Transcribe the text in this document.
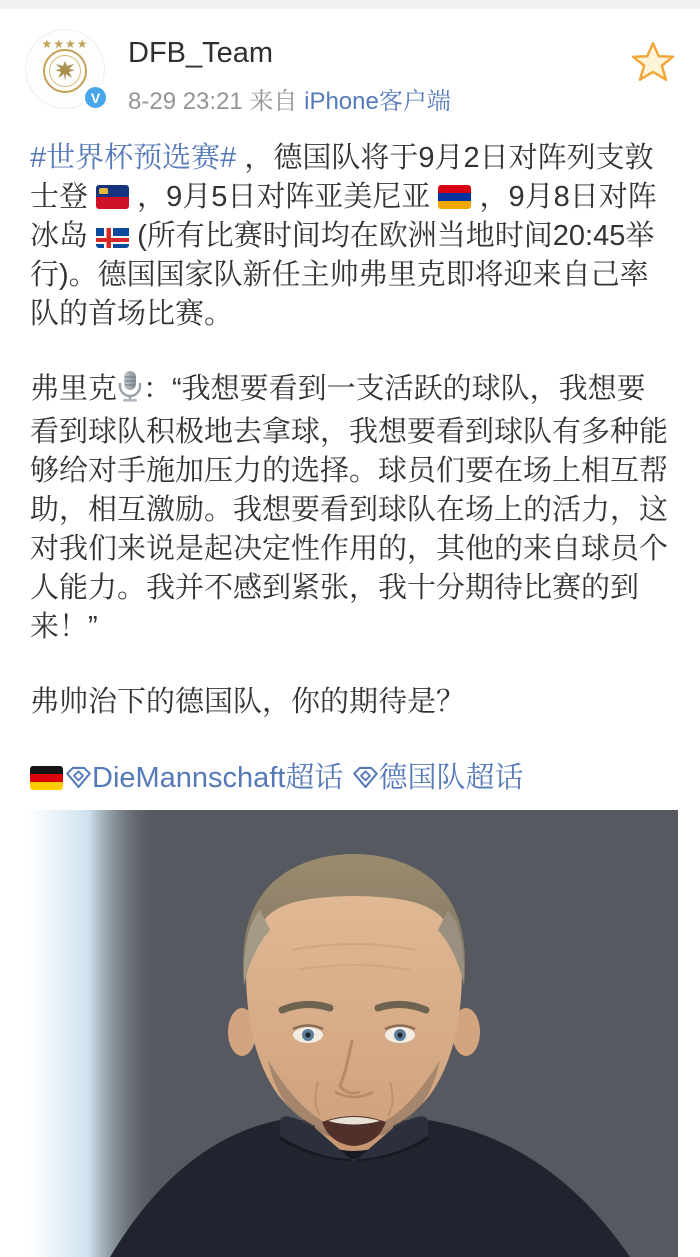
★★★★
V
DFB_Team
8-29 23:21 来自 iPhone客户端

#世界杯预选赛# ，德国队将于9月2日对阵列支敦士登 ，9月5日对阵亚美尼亚 ，9月8日对阵冰岛 (所有比赛时间均在欧洲当地时间20:45举行)。德国国家队新任主帅弗里克即将迎来自己率队的首场比赛。

弗里克 ：“我想要看到一支活跃的球队，我想要看到球队积极地去拿球，我想要看到球队有多种能够给对手施加压力的选择。球员们要在场上相互帮助，相互激励。我想要看到球队在场上的活力，这对我们来说是起决定性作用的，其他的来自球员个人能力。我并不感到紧张，我十分期待比赛的到来！”

弗帅治下的德国队，你的期待是？

DieMannschaft超话 德国队超话
